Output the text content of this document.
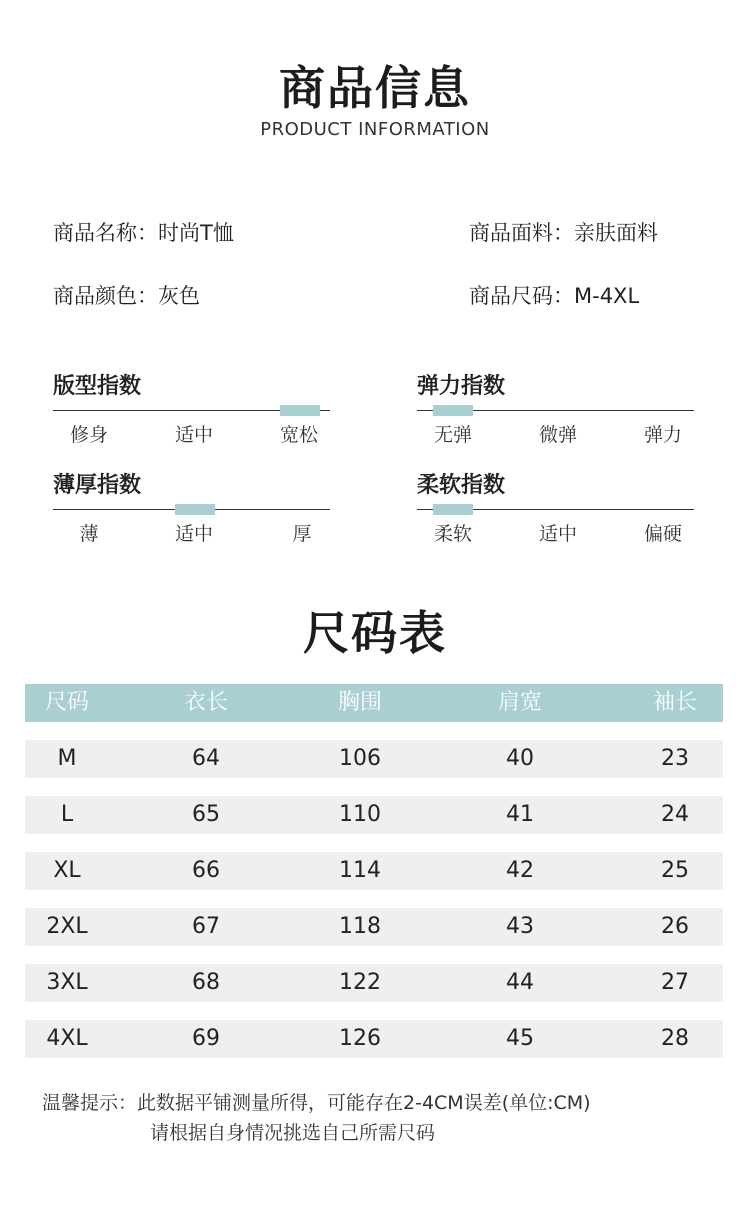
商品信息
PRODUCT INFORMATION
商品名称：时尚T恤	商品面料：亲肤面料
商品颜色：灰色	商品尺码：M-4XL
版型指数
修身	适中	宽松
弹力指数
无弹	微弹	弹力
薄厚指数
薄	适中	厚
柔软指数
柔软	适中	偏硬
尺码表
尺码	衣长	胸围	肩宽	袖长
M	64	106	40	23
L	65	110	41	24
XL	66	114	42	25
2XL	67	118	43	26
3XL	68	122	44	27
4XL	69	126	45	28
温馨提示：此数据平铺测量所得，可能存在2-4CM误差(单位:CM)
请根据自身情况挑选自己所需尺码
